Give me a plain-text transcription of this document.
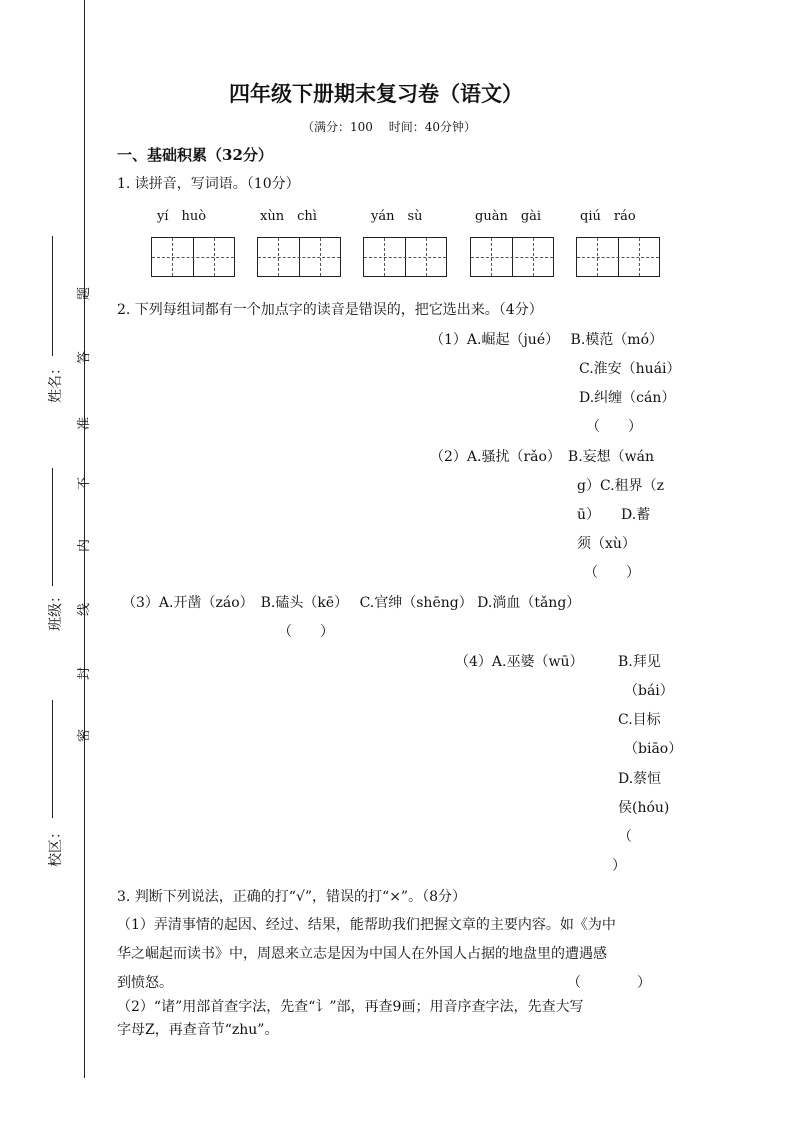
姓名：
班级：
校区：
题
答
准
不
内
线
封
密
四年级下册期末复习卷（语文）
（满分：100　 时间：40分钟）
一、基础积累（32分）
1. 读拼音，写词语。（10分）
yí　huò	xùn　chì	yán　sù	guàn　gài	qiú　ráo
2. 下列每组词都有一个加点字的读音是错误的，把它选出来。（4分）
（1）A.崛起（jué）　 B.模范（mó）
C.淮安（huái）
D.纠缠（cán）
（　　）
（2）A.骚扰（rǎo）　B.妄想（wán
g）C.租界（z
ū）　　D.蓄
须（xù）
（　　）
（3）A.开凿（záo）　B.磕头（kē）　 C.官绅（shēng） D.淌血（tǎng）
（　　）
（4）A.巫婆（wū） B.拜见
（bái）
C.目标
（biāo）
D.蔡恒
侯(hóu)
（
）
3. 判断下列说法，正确的打“√”，错误的打“×”。（8分）
（1）弄清事情的起因、经过、结果，能帮助我们把握文章的主要内容。如《为中
华之崛起而读书》中，周恩来立志是因为中国人在外国人占据的地盘里的遭遇感
到愤怒。	（　　　　）
（2）“诸”用部首查字法，先查“讠”部，再查9画；用音序查字法，先查大写
字母Z，再查音节“zhu”。
